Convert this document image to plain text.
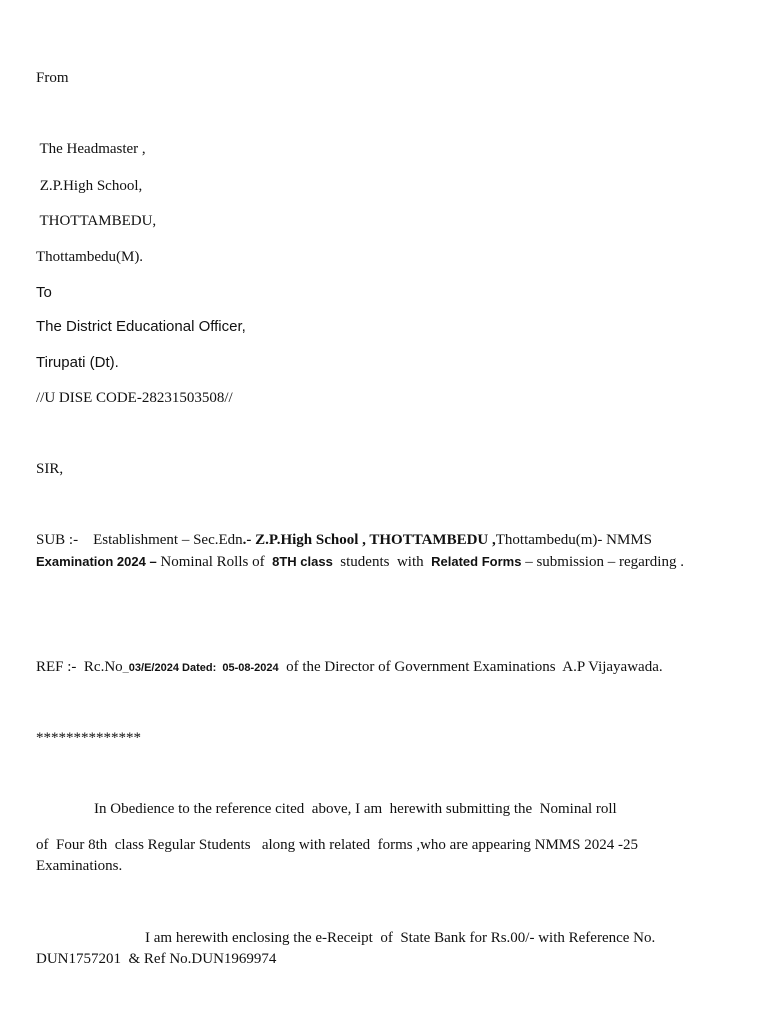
From
The Headmaster ,
Z.P.High School,
THOTTAMBEDU,
Thottambedu(M).
To
The District Educational Officer,
Tirupati (Dt).
//U DISE CODE-28231503508//
SIR,
SUB :-    Establishment – Sec.Edn.- Z.P.High School , THOTTAMBEDU ,Thottambedu(m)- NMMS
Examination 2024 – Nominal Rolls of  8TH class  students  with  Related Forms – submission – regarding .
REF :-  Rc.No_03/E/2024 Dated:  05-08-2024  of the Director of Government Examinations  A.P Vijayawada.
**************
In Obedience to the reference cited  above, I am  herewith submitting the  Nominal roll
of  Four 8th  class Regular Students   along with related  forms ,who are appearing NMMS 2024 -25
Examinations.
I am herewith enclosing the e-Receipt  of  State Bank for Rs.00/- with Reference No.
DUN1757201  & Ref No.DUN1969974
